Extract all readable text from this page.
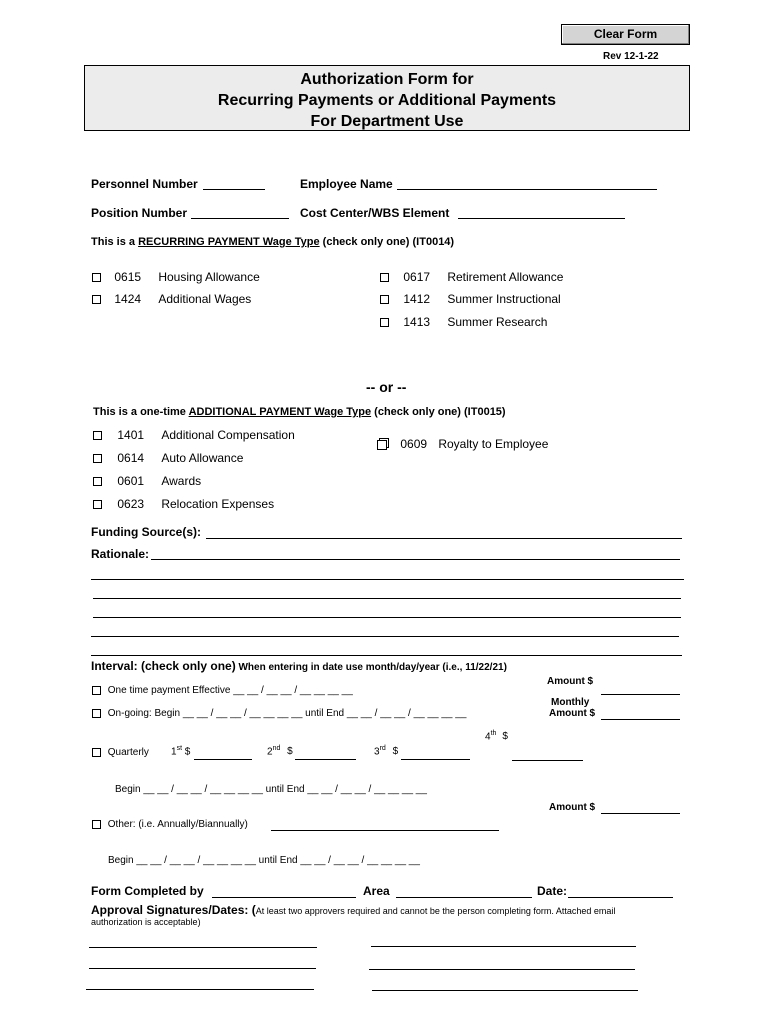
Clear Form
Rev 12-1-22
Authorization Form for
Recurring Payments or Additional Payments
For Department Use
Personnel Number	Employee Name
Position Number	Cost Center/WBS Element
This is a RECURRING PAYMENT Wage Type (check only one) (IT0014)
0615 Housing Allowance
1424 Additional Wages
0617 Retirement Allowance
1412 Summer Instructional
1413 Summer Research
-- or --
This is a one-time ADDITIONAL PAYMENT Wage Type (check only one) (IT0015)
1401 Additional Compensation
0614 Auto Allowance
0601 Awards
0623 Relocation Expenses
0609 Royalty to Employee
Funding Source(s):
Rationale:
Interval: (check only one) When entering in date use month/day/year (i.e., 11/22/21)
Amount $
One time payment Effective __ __ / __ __ / __ __ __ __
On-going: Begin __ __ / __ __ / __ __ __ __ until End __ __ / __ __ / __ __ __ __
Monthly
Amount $
4th $
Quarterly 1st $	2nd $	3rd $
Begin __ __ / __ __ / __ __ __ __ until End __ __ / __ __ / __ __ __ __
Amount $
Other: (i.e. Annually/Biannually)
Begin __ __ / __ __ / __ __ __ __ until End __ __ / __ __ / __ __ __ __
Form Completed by	Area	Date:
Approval Signatures/Dates: (At least two approvers required and cannot be the person completing form. Attached email
authorization is acceptable)
